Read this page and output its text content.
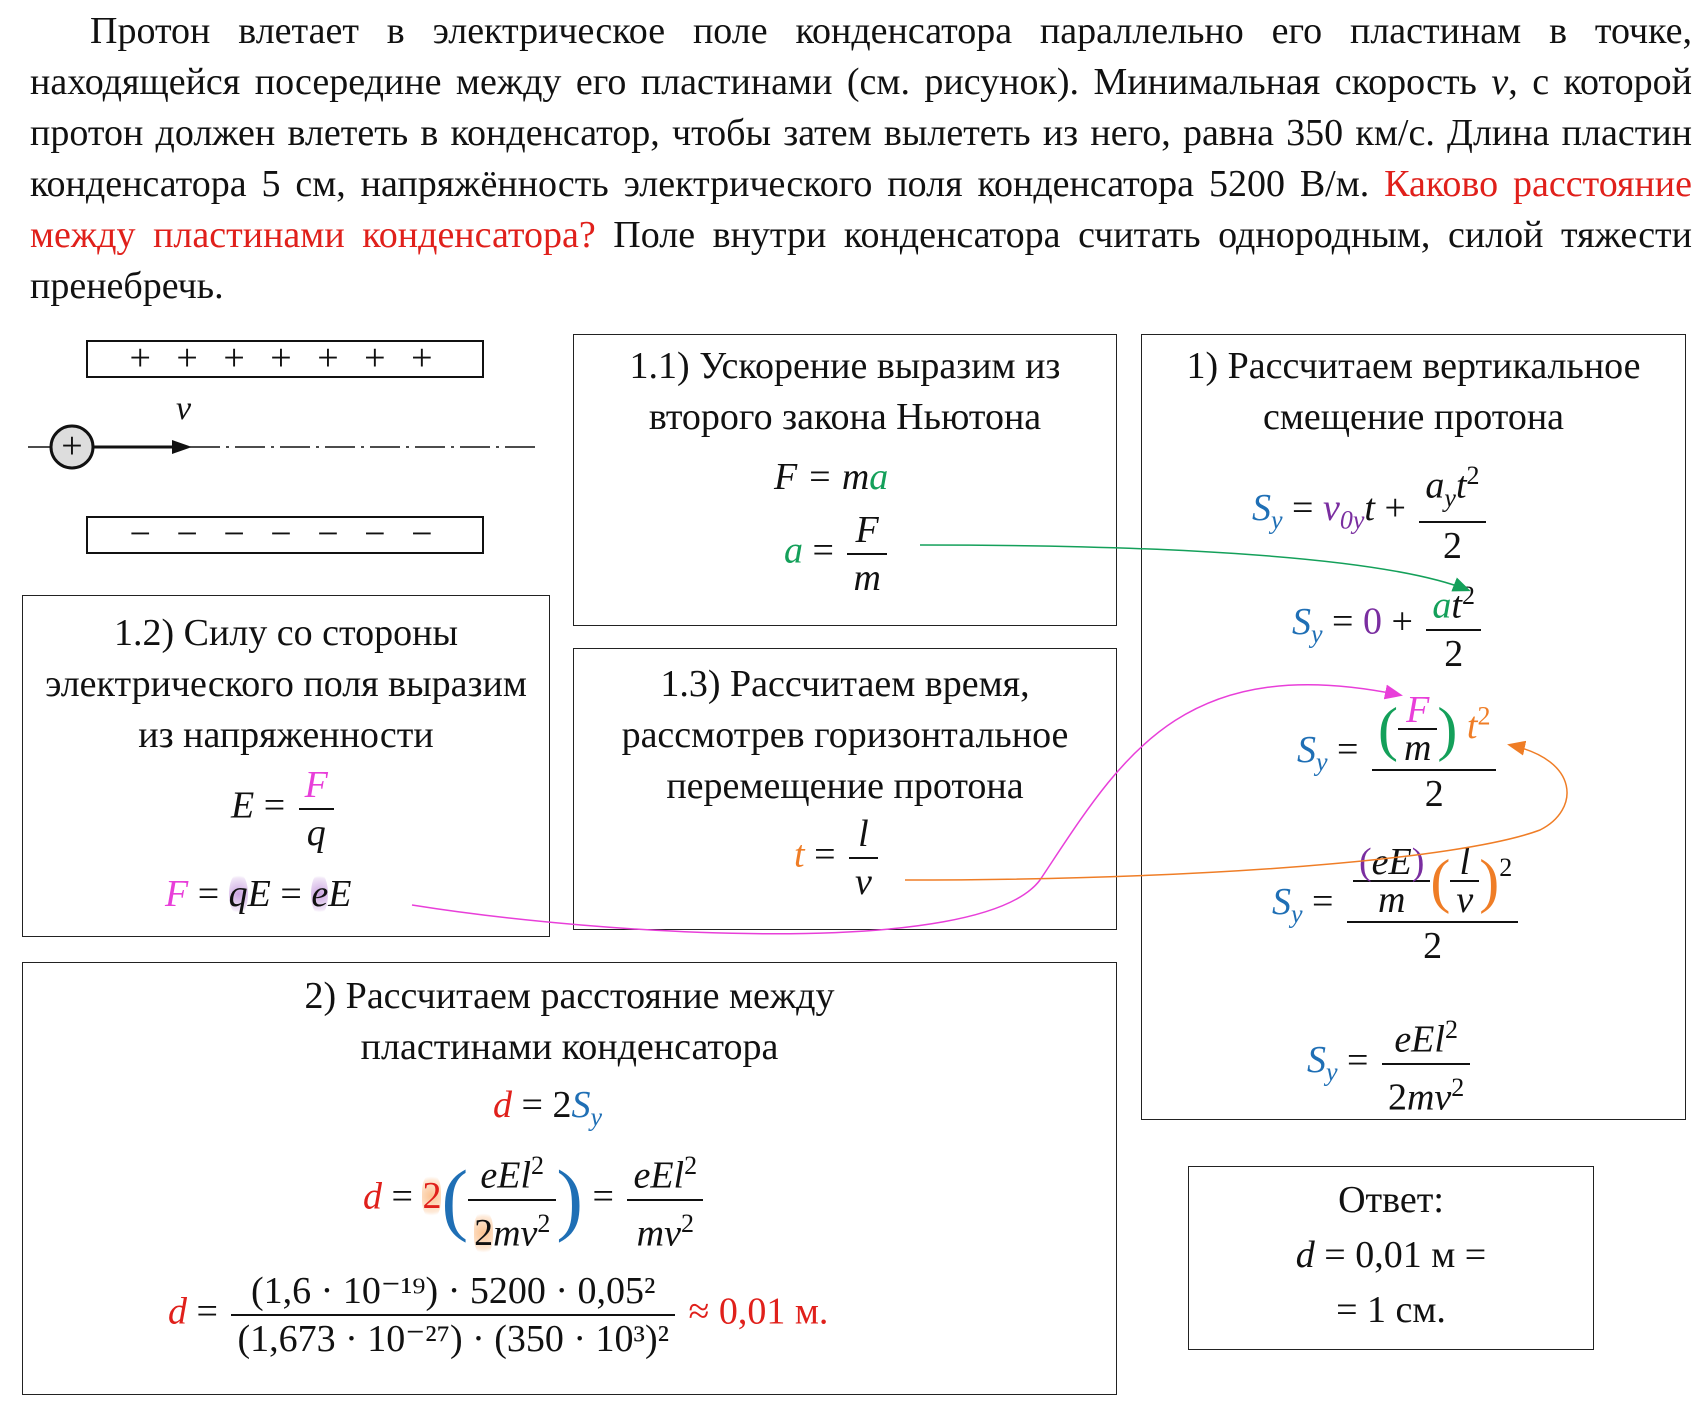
Протон влетает в электрическое поле конденсатора параллельно его пластинам в точке, находящейся посередине между его пластинами (см. рисунок). Минимальная скорость v, с которой протон должен влететь в конденсатор, чтобы затем вылететь из него, равна 350 км/с. Длина пластин конденсатора 5 см, напряжённость электрического поля конденсатора 5200 В/м. Каково расстояние между пластинами конденсатора? Поле внутри конденсатора считать однородным, силой тяжести пренебречь.
+ + + + + + +
− − − − − − −
+
v⃗
1.1) Ускорение выразим из второго закона Ньютона
F = ma
$a = \frac{F}{m}$
1.2) Силу со стороны электрического поля выразим из напряженности
$E = \frac{F}{q}$
F = qE = eE
1.3) Рассчитаем время, рассмотрев горизонтальное перемещение протона
$t = \frac{l}{v}$
1) Рассчитаем вертикальное смещение протона
$S_y = v_{0y}t + \frac{a_yt^2}{2}$
$S_y = 0 + \frac{at^2}{2}$
$S_y = \frac{( \frac{F}{m} ) t^2}{2}$
$S_y = \frac{\frac{(eE)}{m} ( \frac{l}{v} )^2}{2}$
$S_y = \frac{eEl^2}{2mv^2}$
2) Рассчитаем расстояние между пластинами конденсатора
$d = 2S_y$
$d = 2( \frac{eEl^2}{2mv^2}$ ) = $\frac{eEl^2}{mv^2}$
$d = \frac{\text{(1,6 · 10⁻¹⁹) · 5200 · 0,05²}}{\text{(1,673 · 10⁻²⁷) · (350 · 10³)²}} \approx 0,01$ м.
Ответ:
d = 0,01 м =
= 1 см.
